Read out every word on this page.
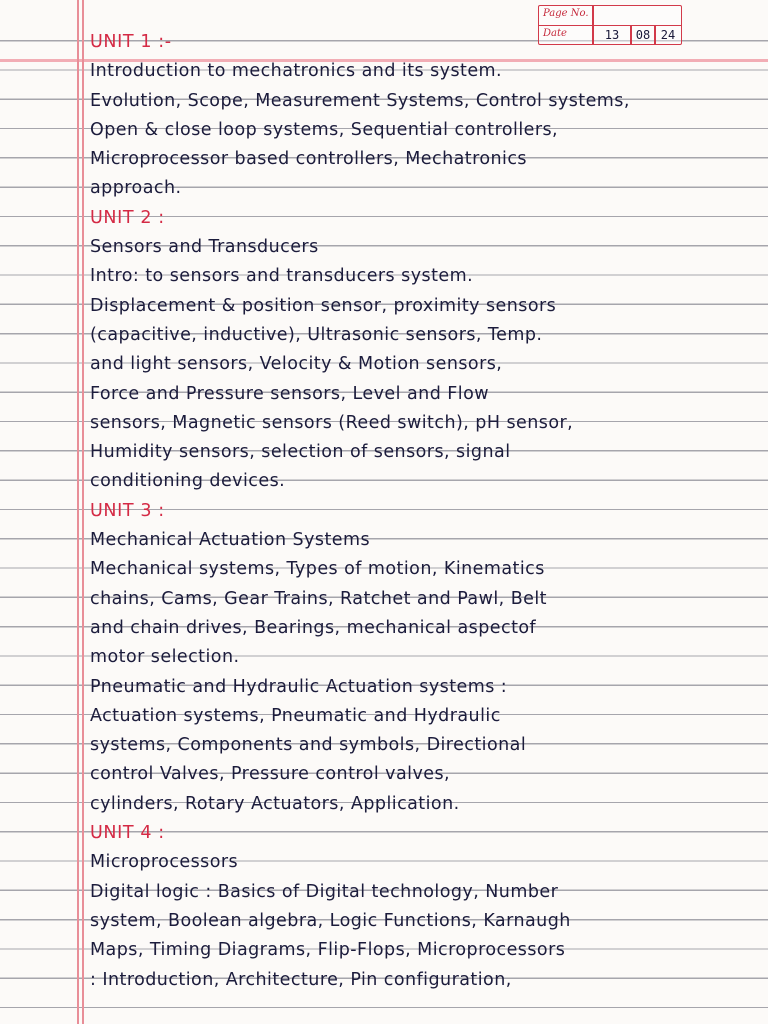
Page No.
Date	13	08 24
UNIT 1 :-
Introduction to mechatronics and its system.
Evolution, Scope, Measurement Systems, Control systems,
Open & close loop systems, Sequential controllers,
Microprocessor based controllers, Mechatronics
approach.
UNIT 2 :
Sensors and Transducers
Intro: to sensors and transducers system.
Displacement & position sensor, proximity sensors
(capacitive, inductive), Ultrasonic sensors, Temp.
and light sensors, Velocity & Motion sensors,
Force and Pressure sensors, Level and Flow
sensors, Magnetic sensors (Reed switch), pH sensor,
Humidity sensors, selection of sensors, signal
conditioning devices.
UNIT 3 :
Mechanical Actuation Systems
Mechanical systems, Types of motion, Kinematics
chains, Cams, Gear Trains, Ratchet and Pawl, Belt
and chain drives, Bearings, mechanical aspectof
motor selection.
Pneumatic and Hydraulic Actuation systems :
Actuation systems, Pneumatic and Hydraulic
systems, Components and symbols, Directional
control Valves, Pressure control valves,
cylinders, Rotary Actuators, Application.
UNIT 4 :
Microprocessors
Digital logic : Basics of Digital technology, Number
system, Boolean algebra, Logic Functions, Karnaugh
Maps, Timing Diagrams, Flip-Flops, Microprocessors
: Introduction, Architecture, Pin configuration,
